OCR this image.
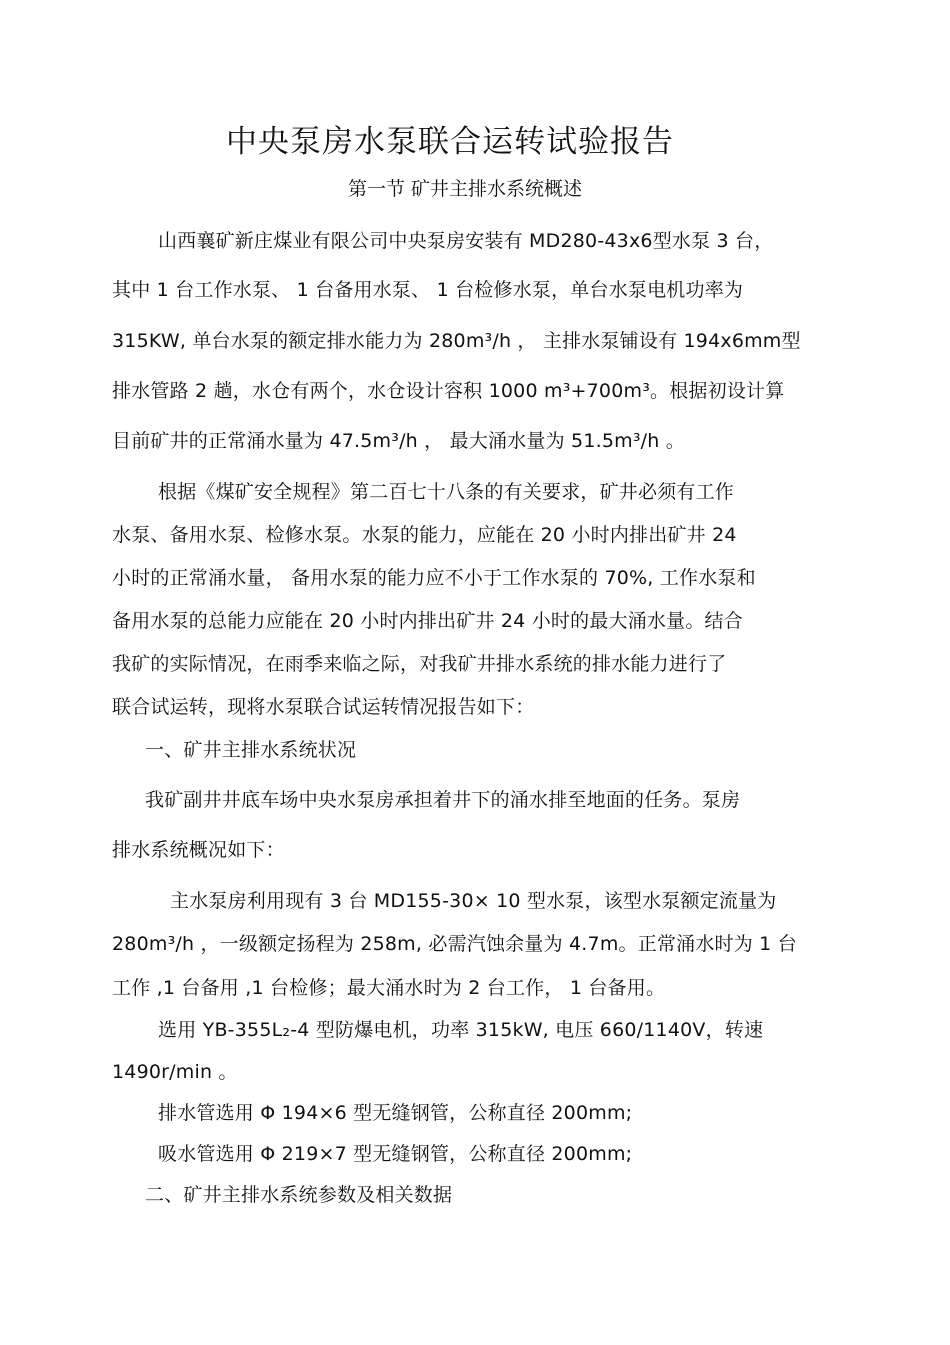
中央泵房水泵联合运转试验报告
第一节 矿井主排水系统概述
山西襄矿新庄煤业有限公司中央泵房安装有 MD280-43x6型水泵 3 台，
其中 1 台工作水泵、 1 台备用水泵、 1 台检修水泵，单台水泵电机功率为
315KW, 单台水泵的额定排水能力为 280m³/h ， 主排水泵铺设有 194x6mm型
排水管路 2 趟，水仓有两个，水仓设计容积 1000 m³+700m³。根据初设计算
目前矿井的正常涌水量为 47.5m³/h ， 最大涌水量为 51.5m³/h 。
根据《煤矿安全规程》第二百七十八条的有关要求，矿井必须有工作
水泵、备用水泵、检修水泵。水泵的能力，应能在 20 小时内排出矿井 24
小时的正常涌水量， 备用水泵的能力应不小于工作水泵的 70%, 工作水泵和
备用水泵的总能力应能在 20 小时内排出矿井 24 小时的最大涌水量。结合
我矿的实际情况，在雨季来临之际，对我矿井排水系统的排水能力进行了
联合试运转，现将水泵联合试运转情况报告如下：
一、矿井主排水系统状况
我矿副井井底车场中央水泵房承担着井下的涌水排至地面的任务。泵房
排水系统概况如下：
主水泵房利用现有 3 台 MD155-30× 10 型水泵，该型水泵额定流量为
280m³/h ，一级额定扬程为 258m, 必需汽蚀余量为 4.7m。正常涌水时为 1 台
工作 ,1 台备用 ,1 台检修；最大涌水时为 2 台工作， 1 台备用。
选用 YB-355L₂-4 型防爆电机，功率 315kW, 电压 660/1140V，转速
1490r/min 。
排水管选用 Φ 194×6 型无缝钢管，公称直径 200mm;
吸水管选用 Φ 219×7 型无缝钢管，公称直径 200mm;
二、矿井主排水系统参数及相关数据
